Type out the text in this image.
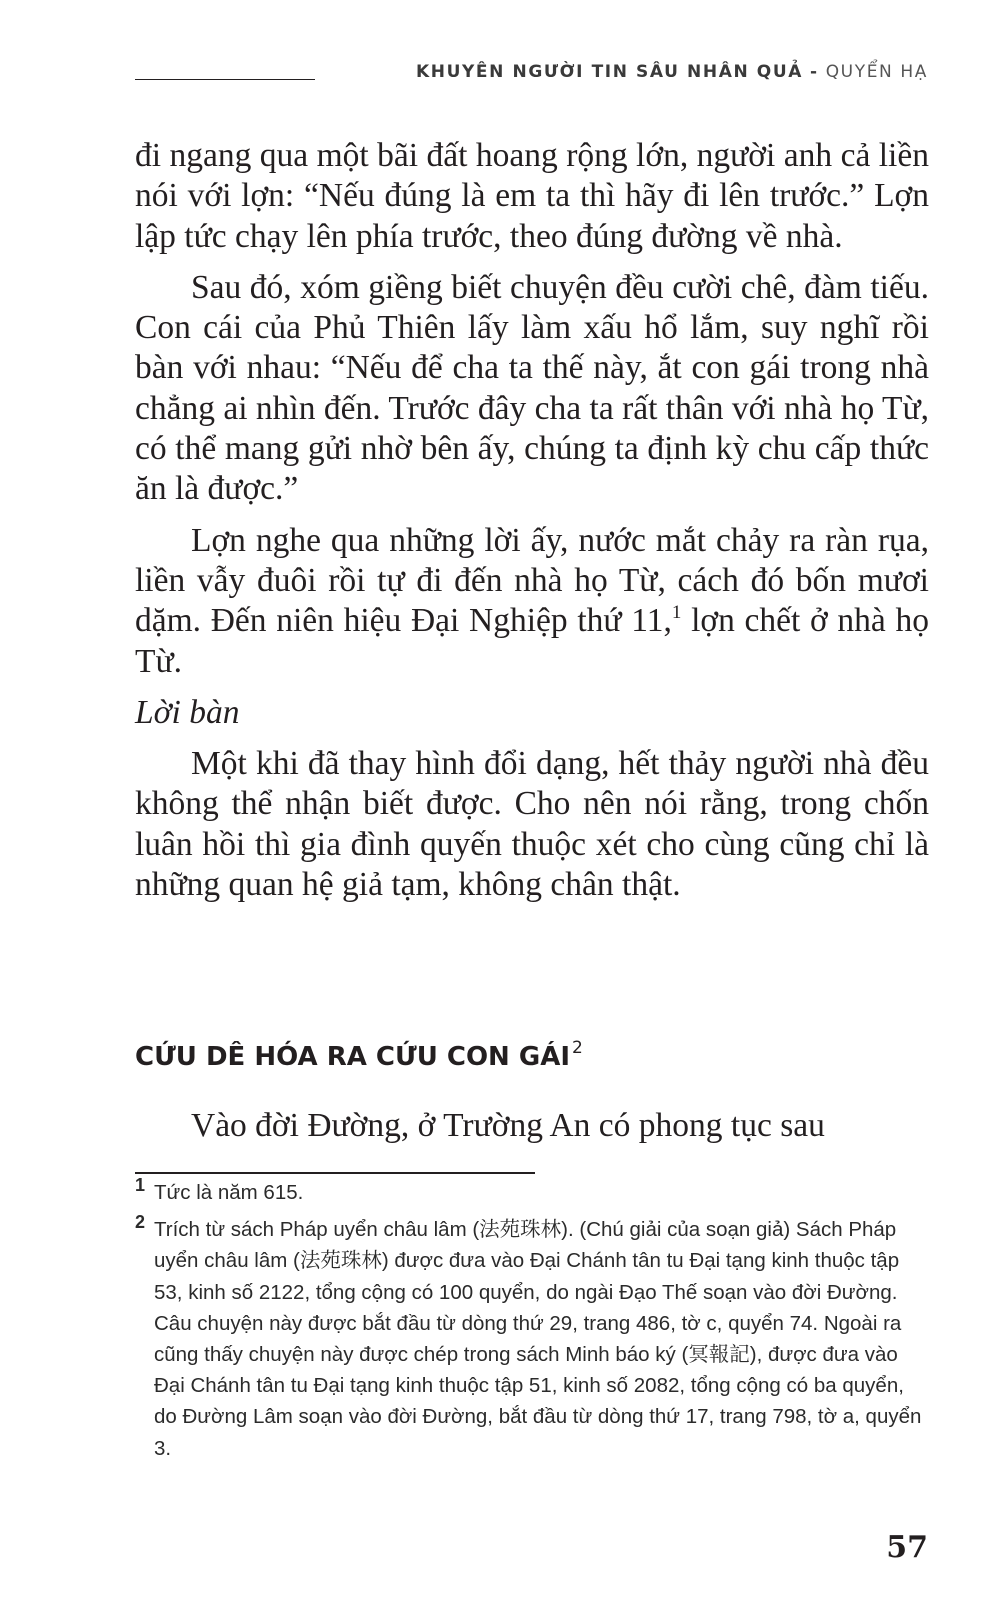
KHUYÊN NGƯỜI TIN SÂU NHÂN QUẢ - QUYỂN HẠ

đi ngang qua một bãi đất hoang rộng lớn, người anh cả liền nói với lợn: “Nếu đúng là em ta thì hãy đi lên trước.” Lợn lập tức chạy lên phía trước, theo đúng đường về nhà.

Sau đó, xóm giềng biết chuyện đều cười chê, đàm tiếu. Con cái của Phủ Thiên lấy làm xấu hổ lắm, suy nghĩ rồi bàn với nhau: “Nếu để cha ta thế này, ắt con gái trong nhà chẳng ai nhìn đến. Trước đây cha ta rất thân với nhà họ Từ, có thể mang gửi nhờ bên ấy, chúng ta định kỳ chu cấp thức ăn là được.”

Lợn nghe qua những lời ấy, nước mắt chảy ra ràn rụa, liền vẫy đuôi rồi tự đi đến nhà họ Từ, cách đó bốn mươi dặm. Đến niên hiệu Đại Nghiệp thứ 11,$^1$ lợn chết ở nhà họ Từ.

Lời bàn

Một khi đã thay hình đổi dạng, hết thảy người nhà đều không thể nhận biết được. Cho nên nói rằng, trong chốn luân hồi thì gia đình quyến thuộc xét cho cùng cũng chỉ là những quan hệ giả tạm, không chân thật.

CỨU DÊ HÓA RA CỨU CON GÁI $^2$

Vào đời Đường, ở Trường An có phong tục sau

1 Tức là năm 615.
2 Trích từ sách Pháp uyển châu lâm (法苑珠林). (Chú giải của soạn giả) Sách Pháp uyển châu lâm (法苑珠林) được đưa vào Đại Chánh tân tu Đại tạng kinh thuộc tập 53, kinh số 2122, tổng cộng có 100 quyển, do ngài Đạo Thế soạn vào đời Đường. Câu chuyện này được bắt đầu từ dòng thứ 29, trang 486, tờ c, quyển 74. Ngoài ra cũng thấy chuyện này được chép trong sách Minh báo ký (冥報記), được đưa vào Đại Chánh tân tu Đại tạng kinh thuộc tập 51, kinh số 2082, tổng cộng có ba quyển, do Đường Lâm soạn vào đời Đường, bắt đầu từ dòng thứ 17, trang 798, tờ a, quyển 3.
57
